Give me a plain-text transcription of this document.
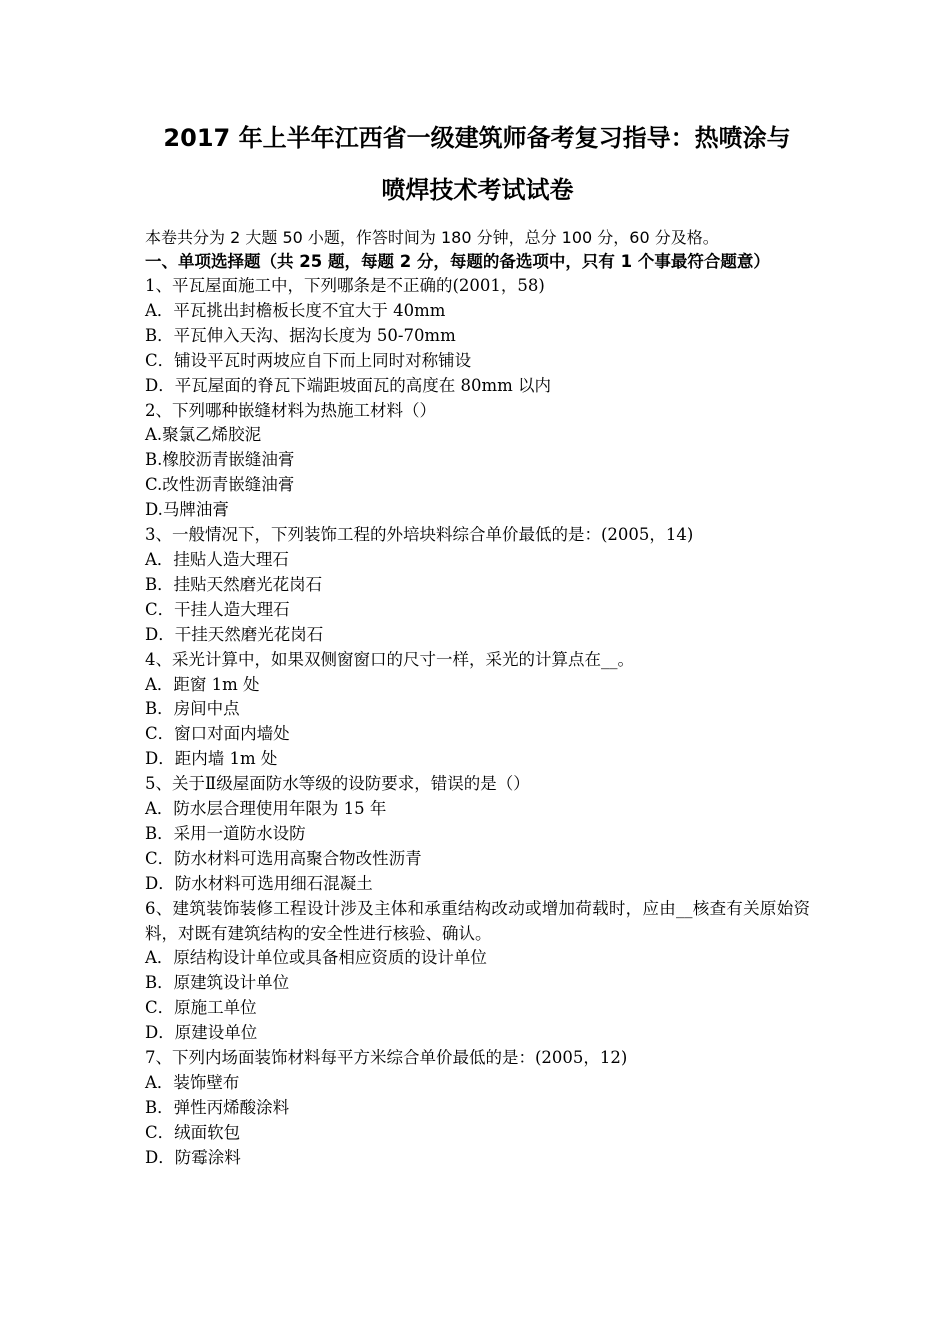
2017 年上半年江西省一级建筑师备考复习指导：热喷涂与
喷焊技术考试试卷
本卷共分为 2 大题 50 小题，作答时间为 180 分钟，总分 100 分，60 分及格。
一、单项选择题（共 25 题，每题 2 分，每题的备选项中，只有 1 个事最符合题意）
1、平瓦屋面施工中，下列哪条是不正确的(2001，58)
A．平瓦挑出封檐板长度不宜大于 40mm
B．平瓦伸入天沟、据沟长度为 50-70mm
C．铺设平瓦时两坡应自下而上同时对称铺设
D．平瓦屋面的脊瓦下端距坡面瓦的高度在 80mm 以内
2、下列哪种嵌缝材料为热施工材料（）
A.聚氯乙烯胶泥
B.橡胶沥青嵌缝油膏
C.改性沥青嵌缝油膏
D.马牌油膏
3、一般情况下，下列装饰工程的外培块料综合单价最低的是：(2005，14)
A．挂贴人造大理石
B．挂贴天然磨光花岗石
C．干挂人造大理石
D．干挂天然磨光花岗石
4、采光计算中，如果双侧窗窗口的尺寸一样，采光的计算点在__。
A．距窗 1m 处
B．房间中点
C．窗口对面内墙处
D．距内墙 1m 处
5、关于Ⅱ级屋面防水等级的设防要求，错误的是（）
A．防水层合理使用年限为 15 年
B．采用一道防水设防
C．防水材料可选用高聚合物改性沥青
D．防水材料可选用细石混凝土
6、建筑装饰装修工程设计涉及主体和承重结构改动或增加荷载时，应由__核查有关原始资料，对既有建筑结构的安全性进行核验、确认。
A．原结构设计单位或具备相应资质的设计单位
B．原建筑设计单位
C．原施工单位
D．原建设单位
7、下列内场面装饰材料每平方米综合单价最低的是：(2005，12)
A．装饰壁布
B．弹性丙烯酸涂料
C．绒面软包
D．防霉涂料
